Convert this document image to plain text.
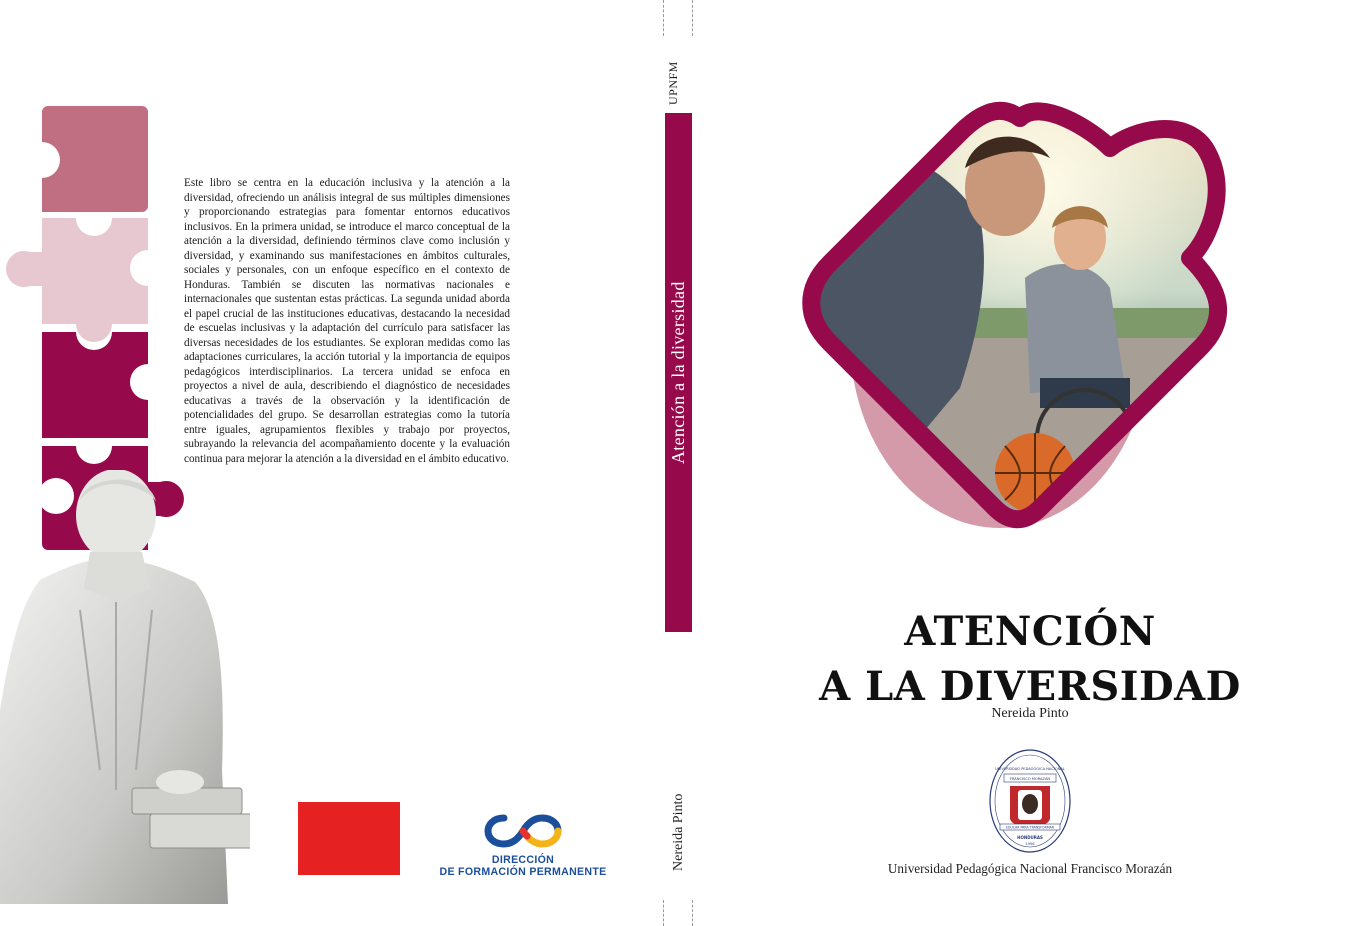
Este libro se centra en la educación inclusiva y la atención a la diversidad, ofreciendo un análisis integral de sus múltiples dimensiones y proporcionando estrategias para fomentar entornos educativos inclusivos. En la primera unidad, se introduce el marco conceptual de la atención a la diversidad, definiendo términos clave como inclusión y diversidad, y examinando sus manifestaciones en ámbitos culturales, sociales y personales, con un enfoque específico en el contexto de Honduras. También se discuten las normativas nacionales e internacionales que sustentan estas prácticas. La segunda unidad aborda el papel crucial de las instituciones educativas, destacando la necesidad de escuelas inclusivas y la adaptación del currículo para satisfacer las diversas necesidades de los estudiantes. Se exploran medidas como las adaptaciones curriculares, la acción tutorial y la importancia de equipos pedagógicos interdisciplinarios. La tercera unidad se enfoca en proyectos a nivel de aula, describiendo el diagnóstico de necesidades educativas a través de la observación y la identificación de potencialidades del grupo. Se desarrollan estrategias como la tutoría entre iguales, agrupamientos flexibles y trabajo por proyectos, subrayando la relevancia del acompañamiento docente y la evaluación continua para mejorar la atención a la diversidad en el ámbito educativo.
DIRECCIÓN
DE FORMACIÓN PERMANENTE
UPNFM
Atención a la diversidad
Nereida Pinto
ATENCIÓN
A LA DIVERSIDAD
Nereida Pinto
UNIVERSIDAD PEDAGÓGICA NACIONAL
FRANCISCO MORAZÁN
EDUCAR PARA TRANSFORMAR
HONDURAS
1956
Universidad Pedagógica Nacional Francisco Morazán
